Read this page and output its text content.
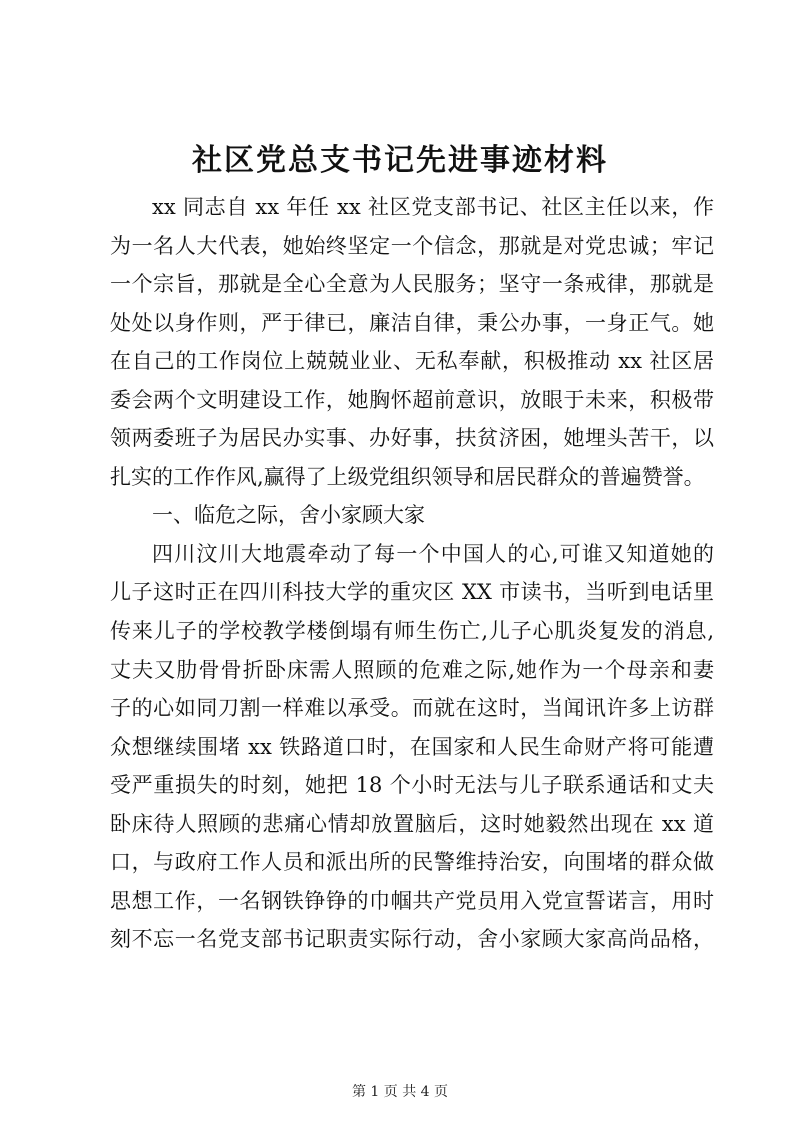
社区党总支书记先进事迹材料
xx 同志自 xx 年任 xx 社区党支部书记、社区主任以来，作
为一名人大代表，她始终坚定一个信念，那就是对党忠诚；牢记
一个宗旨，那就是全心全意为人民服务；坚守一条戒律，那就是
处处以身作则，严于律已，廉洁自律，秉公办事，一身正气。她
在自己的工作岗位上兢兢业业、无私奉献，积极推动 xx 社区居
委会两个文明建设工作，她胸怀超前意识，放眼于未来，积极带
领两委班子为居民办实事、办好事，扶贫济困，她埋头苦干，以
扎实的工作作风,赢得了上级党组织领导和居民群众的普遍赞誉。
一、临危之际，舍小家顾大家
四川汶川大地震牵动了每一个中国人的心,可谁又知道她的
儿子这时正在四川科技大学的重灾区 XX 市读书，当听到电话里
传来儿子的学校教学楼倒塌有师生伤亡,儿子心肌炎复发的消息,
丈夫又肋骨骨折卧床需人照顾的危难之际,她作为一个母亲和妻
子的心如同刀割一样难以承受。而就在这时，当闻讯许多上访群
众想继续围堵 xx 铁路道口时，在国家和人民生命财产将可能遭
受严重损失的时刻，她把 18 个小时无法与儿子联系通话和丈夫
卧床待人照顾的悲痛心情却放置脑后，这时她毅然出现在 xx 道
口，与政府工作人员和派出所的民警维持治安，向围堵的群众做
思想工作，一名钢铁铮铮的巾帼共产党员用入党宣誓诺言，用时
刻不忘一名党支部书记职责实际行动，舍小家顾大家高尚品格，
第 1 页 共 4 页
